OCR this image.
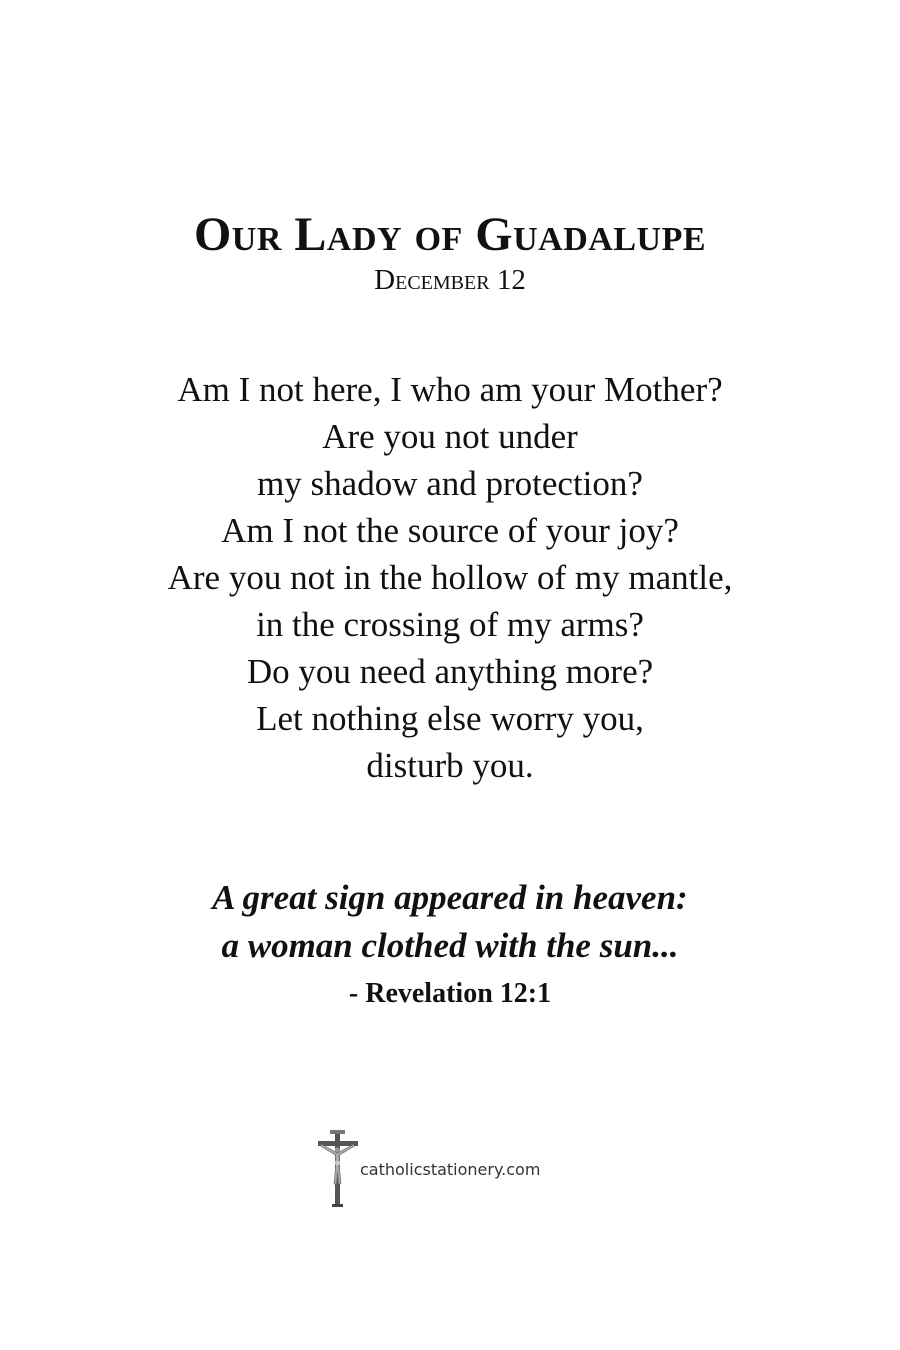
Our Lady of Guadalupe
December 12
Am I not here, I who am your Mother?
Are you not under
my shadow and protection?
Am I not the source of your joy?
Are you not in the hollow of my mantle,
in the crossing of my arms?
Do you need anything more?
Let nothing else worry you,
disturb you.
A great sign appeared in heaven:
a woman clothed with the sun...
- Revelation 12:1
catholicstationery.com
